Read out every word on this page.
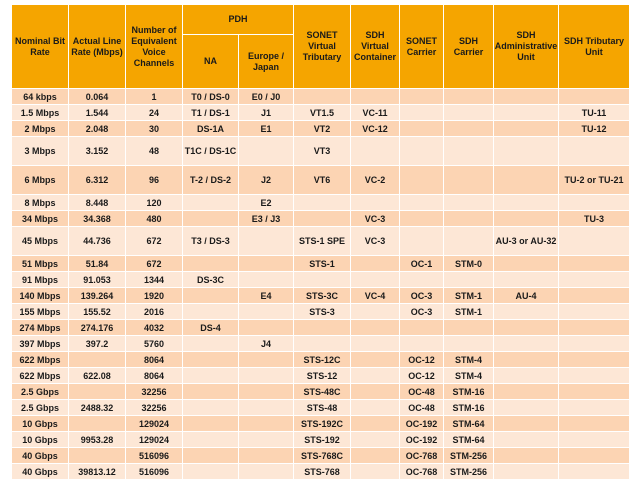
Nominal Bit Rate	Actual Line Rate (Mbps)	Number of Equivalent Voice Channels	PDH		SONET Virtual Tributary	SDH Virtual Container	SONET Carrier	SDH Carrier	SDH Administrative Unit	SDH Tributary Unit
			NA	Europe / Japan						
64 kbps	0.064	1	T0 / DS-0	E0 / J0						
1.5 Mbps	1.544	24	T1 / DS-1	J1	VT1.5	VC-11				TU-11
2 Mbps	2.048	30	DS-1A	E1	VT2	VC-12				TU-12
3 Mbps	3.152	48	T1C / DS-1C		VT3					
6 Mbps	6.312	96	T-2 / DS-2	J2	VT6	VC-2				TU-2 or TU-21
8 Mbps	8.448	120		E2						
34 Mbps	34.368	480		E3 / J3		VC-3				TU-3
45 Mbps	44.736	672	T3 / DS-3		STS-1 SPE	VC-3			AU-3 or AU-32	
51 Mbps	51.84	672			STS-1		OC-1	STM-0		
91 Mbps	91.053	1344	DS-3C							
140 Mbps	139.264	1920		E4	STS-3C	VC-4	OC-3	STM-1	AU-4	
155 Mbps	155.52	2016			STS-3		OC-3	STM-1		
274 Mbps	274.176	4032	DS-4							
397 Mbps	397.2	5760		J4						
622 Mbps		8064			STS-12C		OC-12	STM-4		
622 Mbps	622.08	8064			STS-12		OC-12	STM-4		
2.5 Gbps		32256			STS-48C		OC-48	STM-16		
2.5 Gbps	2488.32	32256			STS-48		OC-48	STM-16		
10 Gbps		129024			STS-192C		OC-192	STM-64		
10 Gbps	9953.28	129024			STS-192		OC-192	STM-64		
40 Gbps		516096			STS-768C		OC-768	STM-256		
40 Gbps	39813.12	516096			STS-768		OC-768	STM-256		
